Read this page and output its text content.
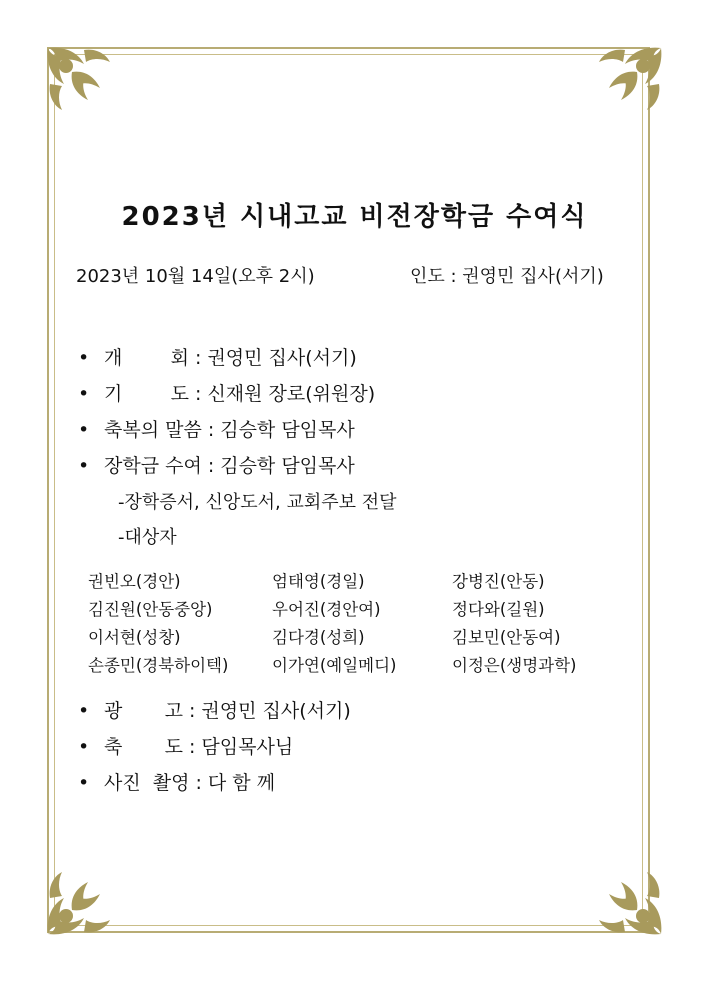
2023년 시내고교 비전장학금 수여식
2023년 10월 14일(오후 2시)	인도 : 권영민 집사(서기)
• 개        회 : 권영민 집사(서기)
• 기        도 : 신재원 장로(위원장)
• 축복의 말씀 : 김승학 담임목사
• 장학금 수여 : 김승학 담임목사
-장학증서, 신앙도서, 교회주보 전달
-대상자
권빈오(경안)	엄태영(경일)	강병진(안동)
김진원(안동중앙)	우어진(경안여)	정다와(길원)
이서현(성창)	김다경(성희)	김보민(안동여)
손종민(경북하이텍)	이가연(예일메디)	이정은(생명과학)
• 광       고 : 권영민 집사(서기)
• 축       도 : 담임목사님
• 사진  촬영 : 다 함 께
